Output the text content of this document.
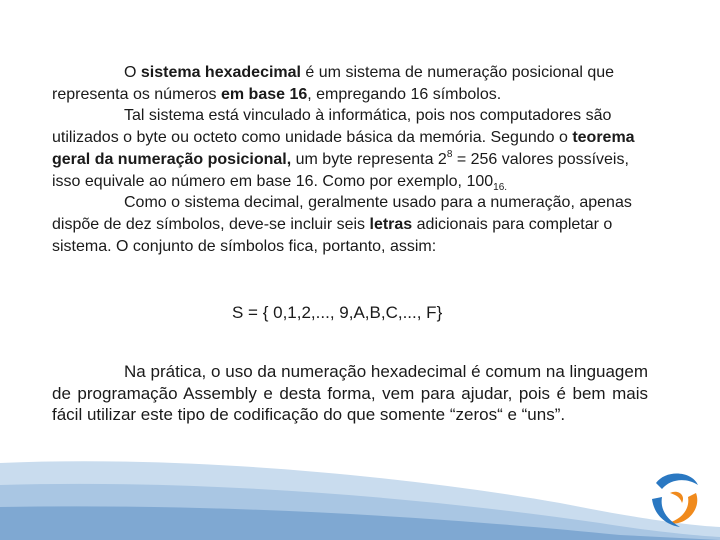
O sistema hexadecimal é um sistema de numeração posicional que representa os números em base 16, empregando 16 símbolos.

Tal sistema está vinculado à informática, pois nos computadores são utilizados o byte ou octeto como unidade básica da memória. Segundo o teorema geral da numeração posicional, um byte representa $2^8 = 256$ valores possíveis, isso equivale ao número em base 16. Como por exemplo, $100_{16.}$

Como o sistema decimal, geralmente usado para a numeração, apenas dispõe de dez símbolos, deve-se incluir seis letras adicionais para completar o sistema. O conjunto de símbolos fica, portanto, assim:

S = { 0,1,2,..., 9,A,B,C,..., F}

Na prática, o uso da numeração hexadecimal é comum na linguagem de programação Assembly e desta forma, vem para ajudar, pois é bem mais fácil utilizar este tipo de codificação do que somente “zeros“ e “uns”.
